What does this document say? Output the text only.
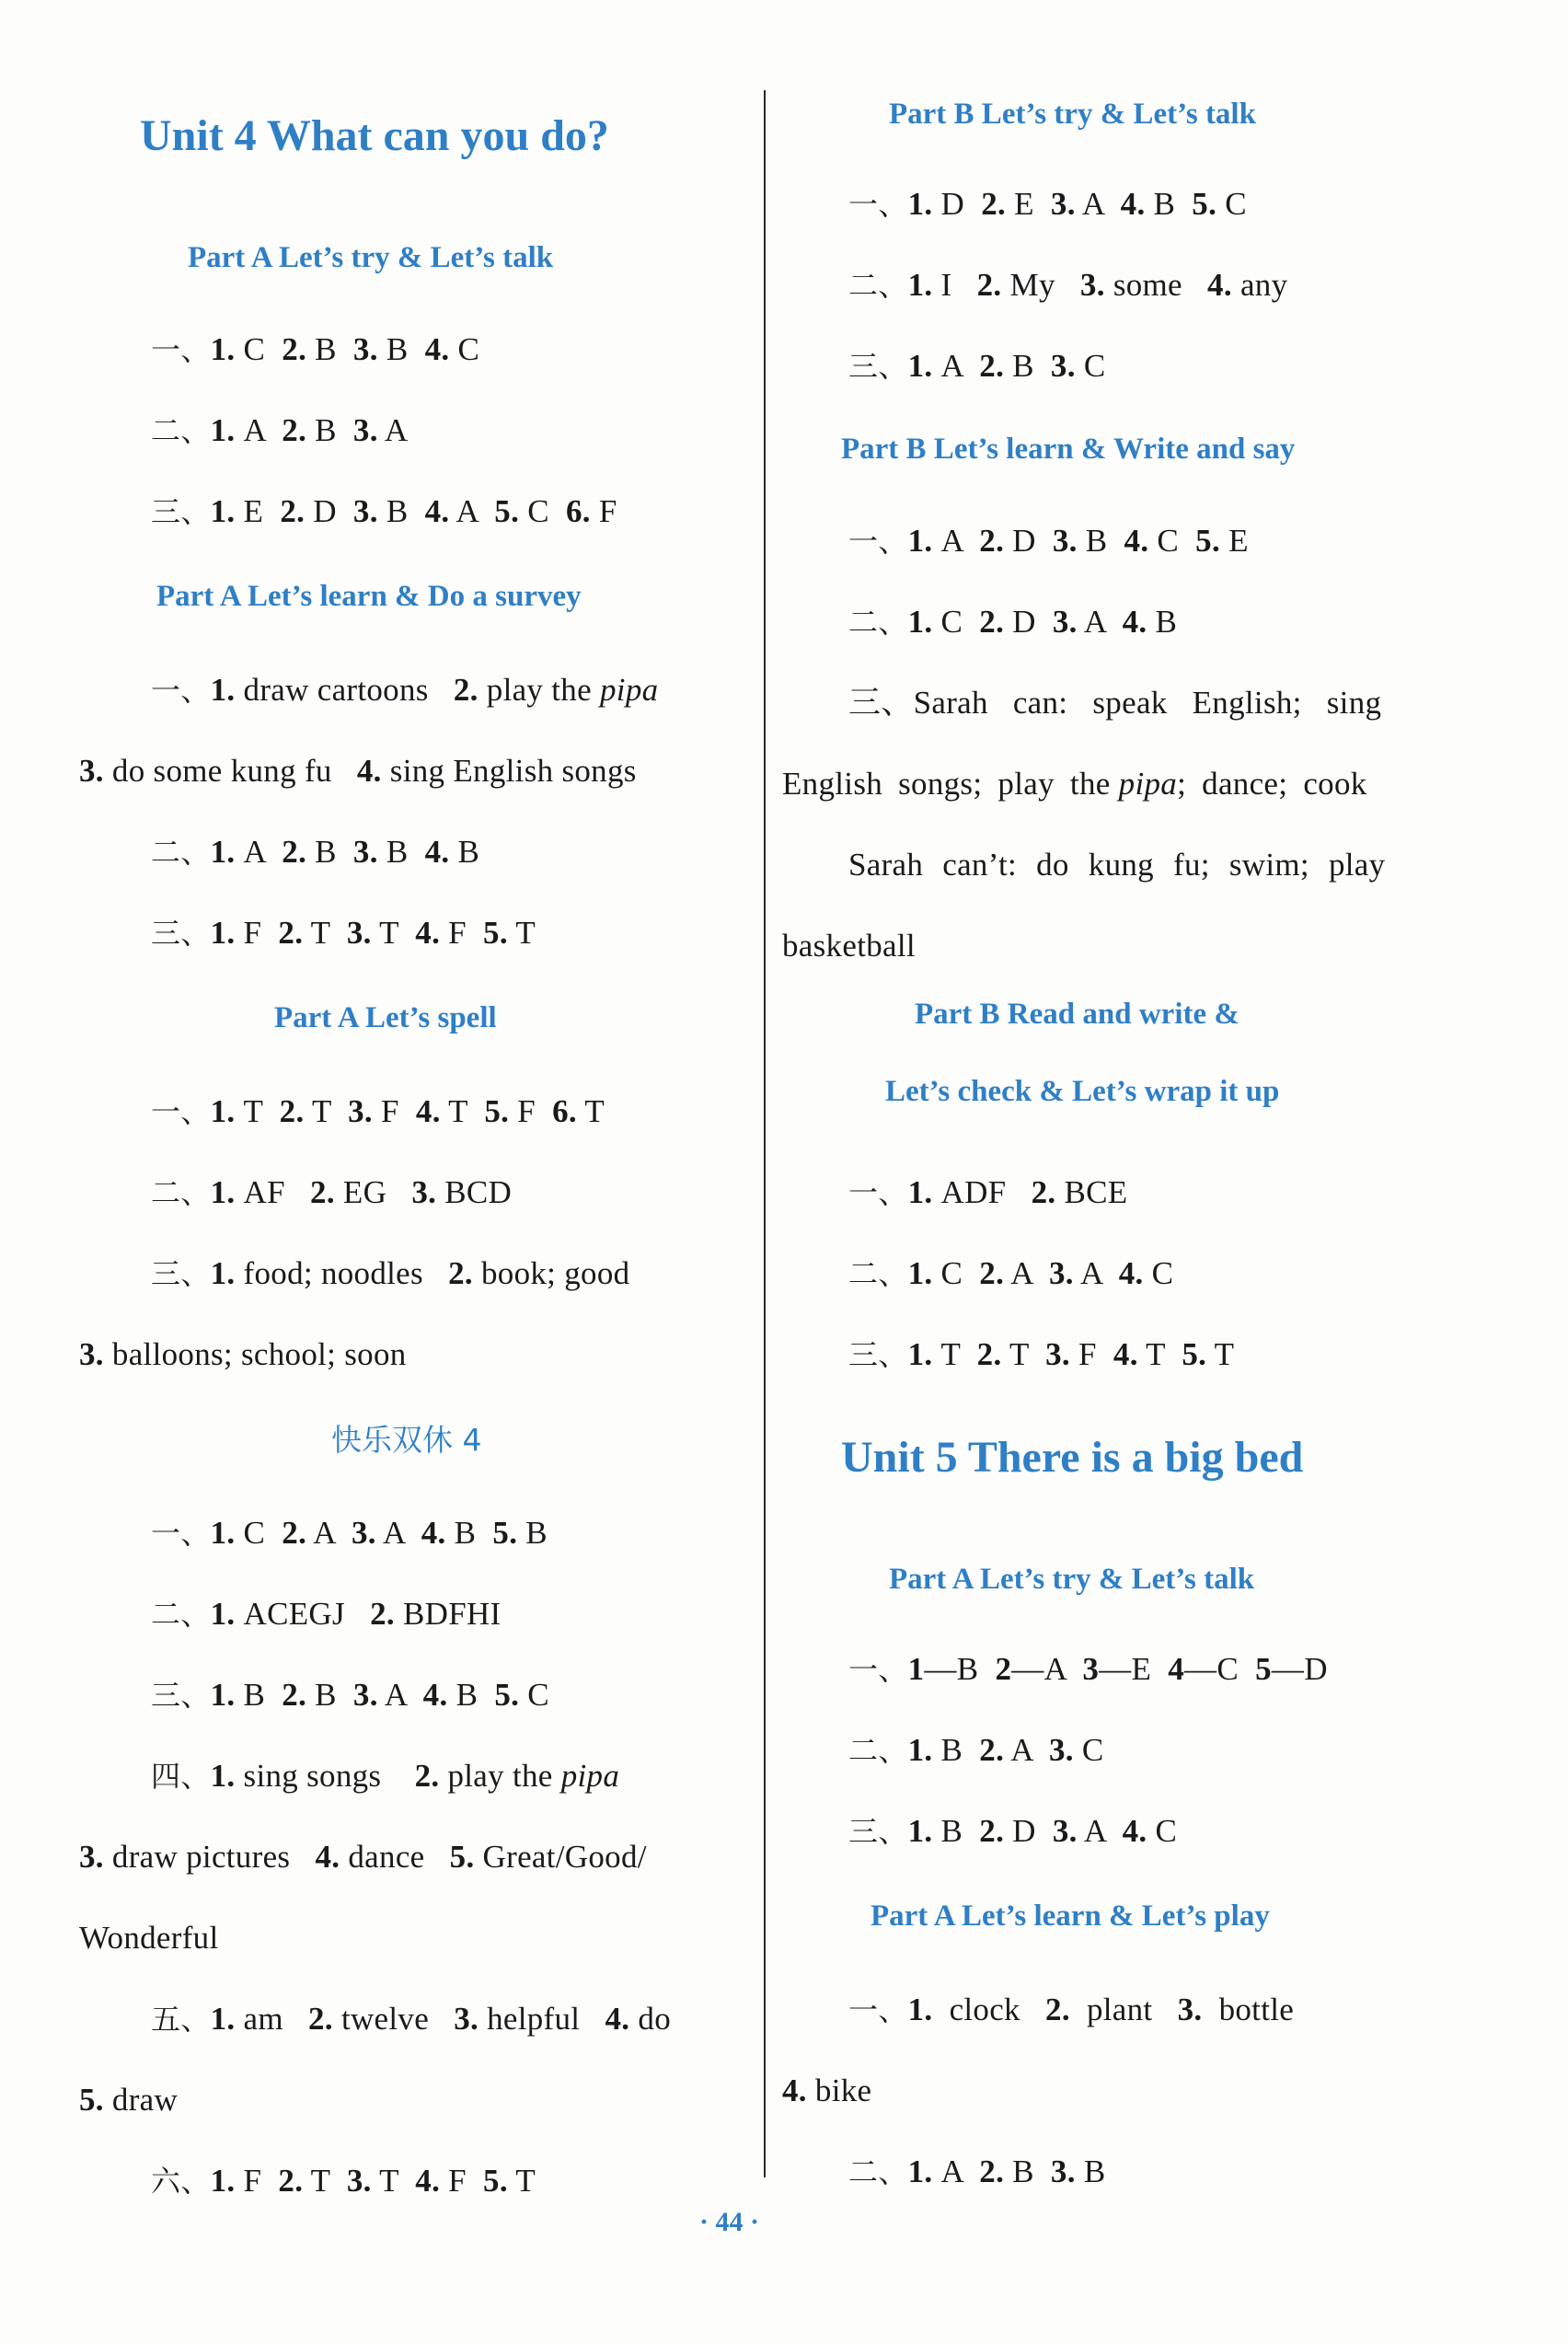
Unit 4 What can you do?
Part A Let’s try & Let’s talk
一、1. C  2. B  3. B  4. C
二、1. A  2. B  3. A
三、1. E  2. D  3. B  4. A  5. C  6. F
Part A Let’s learn & Do a survey
一、1. draw cartoons   2. play the pipa
3. do some kung fu   4. sing English songs
二、1. A  2. B  3. B  4. B
三、1. F  2. T  3. T  4. F  5. T
Part A Let’s spell
一、1. T  2. T  3. F  4. T  5. F  6. T
二、1. AF   2. EG   3. BCD
三、1. food; noodles   2. book; good
3. balloons; school; soon
快乐双休 4
一、1. C  2. A  3. A  4. B  5. B
二、1. ACEGJ   2. BDFHI
三、1. B  2. B  3. A  4. B  5. C
四、1. sing songs    2. play the pipa
3. draw pictures   4. dance   5. Great/Good/
Wonderful
五、1. am   2. twelve   3. helpful   4. do
5. draw
六、1. F  2. T  3. T  4. F  5. T
Part B Let’s try & Let’s talk
一、1. D  2. E  3. A  4. B  5. C
二、1. I   2. My   3. some   4. any
三、1. A  2. B  3. C
Part B Let’s learn & Write and say
一、1. A  2. D  3. B  4. C  5. E
二、1. C  2. D  3. A  4. B
三、Sarah can: speak English; sing
English songs; play the pipa; dance; cook
Sarah can’t: do kung fu; swim; play
basketball
Part B Read and write &
Let’s check & Let’s wrap it up
一、1. ADF   2. BCE
二、1. C  2. A  3. A  4. C
三、1. T  2. T  3. F  4. T  5. T
Unit 5 There is a big bed
Part A Let’s try & Let’s talk
一、1—B  2—A  3—E  4—C  5—D
二、1. B  2. A  3. C
三、1. B  2. D  3. A  4. C
Part A Let’s learn & Let’s play
一、1.  clock   2.  plant   3.  bottle
4. bike
二、1. A  2. B  3. B
· 44 ·
